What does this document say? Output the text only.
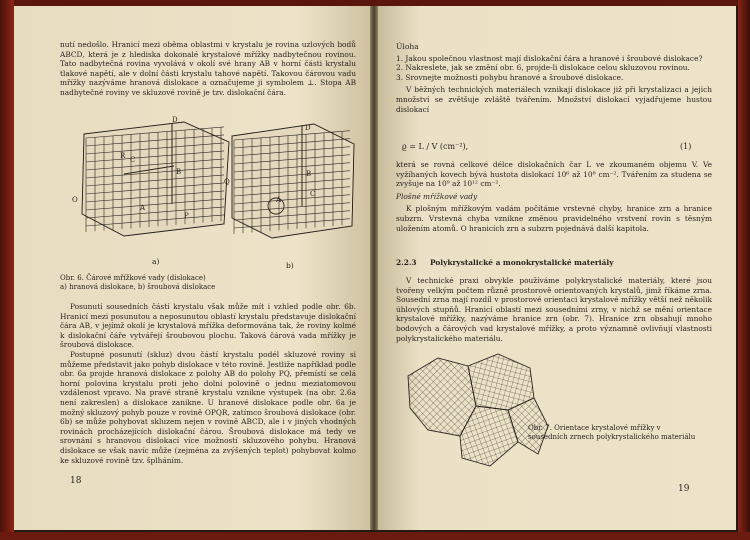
nutí nedošlo. Hranicí mezi oběma oblastmi v krystalu je rovina uzlových bodů ABCD, která je z hlediska dokonalé krystalové mřížky nadbytečnou rovinou. Tato nadbytečná rovina vyvolává v okolí své hrany AB v horní části krystalu tlakové napětí, ale v dolní části krystalu tahové napětí. Takovou čárovou vadu mřížky nazýváme hranová dislokace a označujeme ji symbolem ⊥. Stopa AB nadbytečné roviny ve skluzové rovině je tzv. dislokační čára.

D
C
B
R
O
A
Q
P
D
B
A
C
a)	b)
Obr. 6. Čárové mřížkové vady (dislokace)
a) hranová dislokace, b) šroubová dislokace

Posunutí sousedních částí krystalu však může mít i vzhled podle obr. 6b. Hranicí mezi posunutou a neposunutou oblastí krystalu představuje dislokační čára AB, v jejímž okolí je krystalová mřížka deformována tak, že roviny kolmé k dislokační čáře vytvářejí šroubovou plochu. Taková čárová vada mřížky je šroubová dislokace.

Postupné posunutí (skluz) dvou částí krystalu podél skluzové roviny si můžeme představit jako pohyb dislokace v této rovině. Jestliže například podle obr. 6a projde hranová dislokace z polohy AB do polohy PQ, přemístí se celá horní polovina krystalu proti jeho dolní polovině o jednu meziatomovou vzdálenost vpravo. Na pravé straně krystalu vznikne výstupek (na obr. 2.6a není zakreslen) a dislokace zanikne. U hranové dislokace podle obr. 6a je možný skluzový pohyb pouze v rovině OPQR, zatímco šroubová dislokace (obr. 6b) se může pohybovat skluzem nejen v rovině ABCD, ale i v jiných vhodných rovinách procházejících dislokační čárou. Šroubová dislokace má tedy ve srovnání s hranovou dislokací více možností skluzového pohybu. Hranová dislokace se však navíc může (zejména za zvýšených teplot) pohybovat kolmo ke skluzové rovině tzv. šplháním.

18

Úloha

1. Jakou společnou vlastnost mají dislokační čára a hranové i šroubové dislokace?

2. Nakreslete, jak se změní obr. 6, projde-li dislokace celou skluzovou rovinou.

3. Srovnejte možnosti pohybu hranové a šroubové dislokace.

V běžných technických materiálech vznikají dislokace již při krystalizaci a jejich množství se zvětšuje zvláště tvářením. Množství dislokací vyjadřujeme hustou dislokací

ϱ = L / V (cm⁻²),	(1)

která se rovná celkové délce dislokačních čar L ve zkoumaném objemu V. Ve vyžíhaných kovech bývá hustota dislokací 10⁶ až 10⁸ cm⁻². Tvářením za studena se zvyšuje na 10⁹ až 10¹² cm⁻².

Plošné mřížkové vady

K plošným mřížkovým vadám počítáme vrstevné chyby, hranice zrn a hranice subzrn. Vrstevná chyba vznikne změnou pravidelného vrstvení rovin s těsným uložením atomů. O hranicích zrn a subzrn pojednává další kapitola.

2.2.3 Polykrystalické a monokrystalické materiály

V technické praxi obvykle používáme polykrystalické materiály, které jsou tvořeny velkým počtem různě prostorově orientovaných krystalů, jimž říkáme zrna. Sousední zrna mají rozdíl v prostorové orientaci krystalové mřížky větší než několik úhlových stupňů. Hranicí oblastí mezi sousedními zrny, v nichž se mění orientace krystalové mřížky, nazýváme hranice zrn (obr. 7). Hranice zrn obsahují mnoho bodových a čárových vad krystalové mřížky, a proto významně ovlivňují vlastnosti polykrystalického materiálu.

Obr. 7. Orientace krystalové mřížky v sousedních zrnech polykrystalického materiálu
19
